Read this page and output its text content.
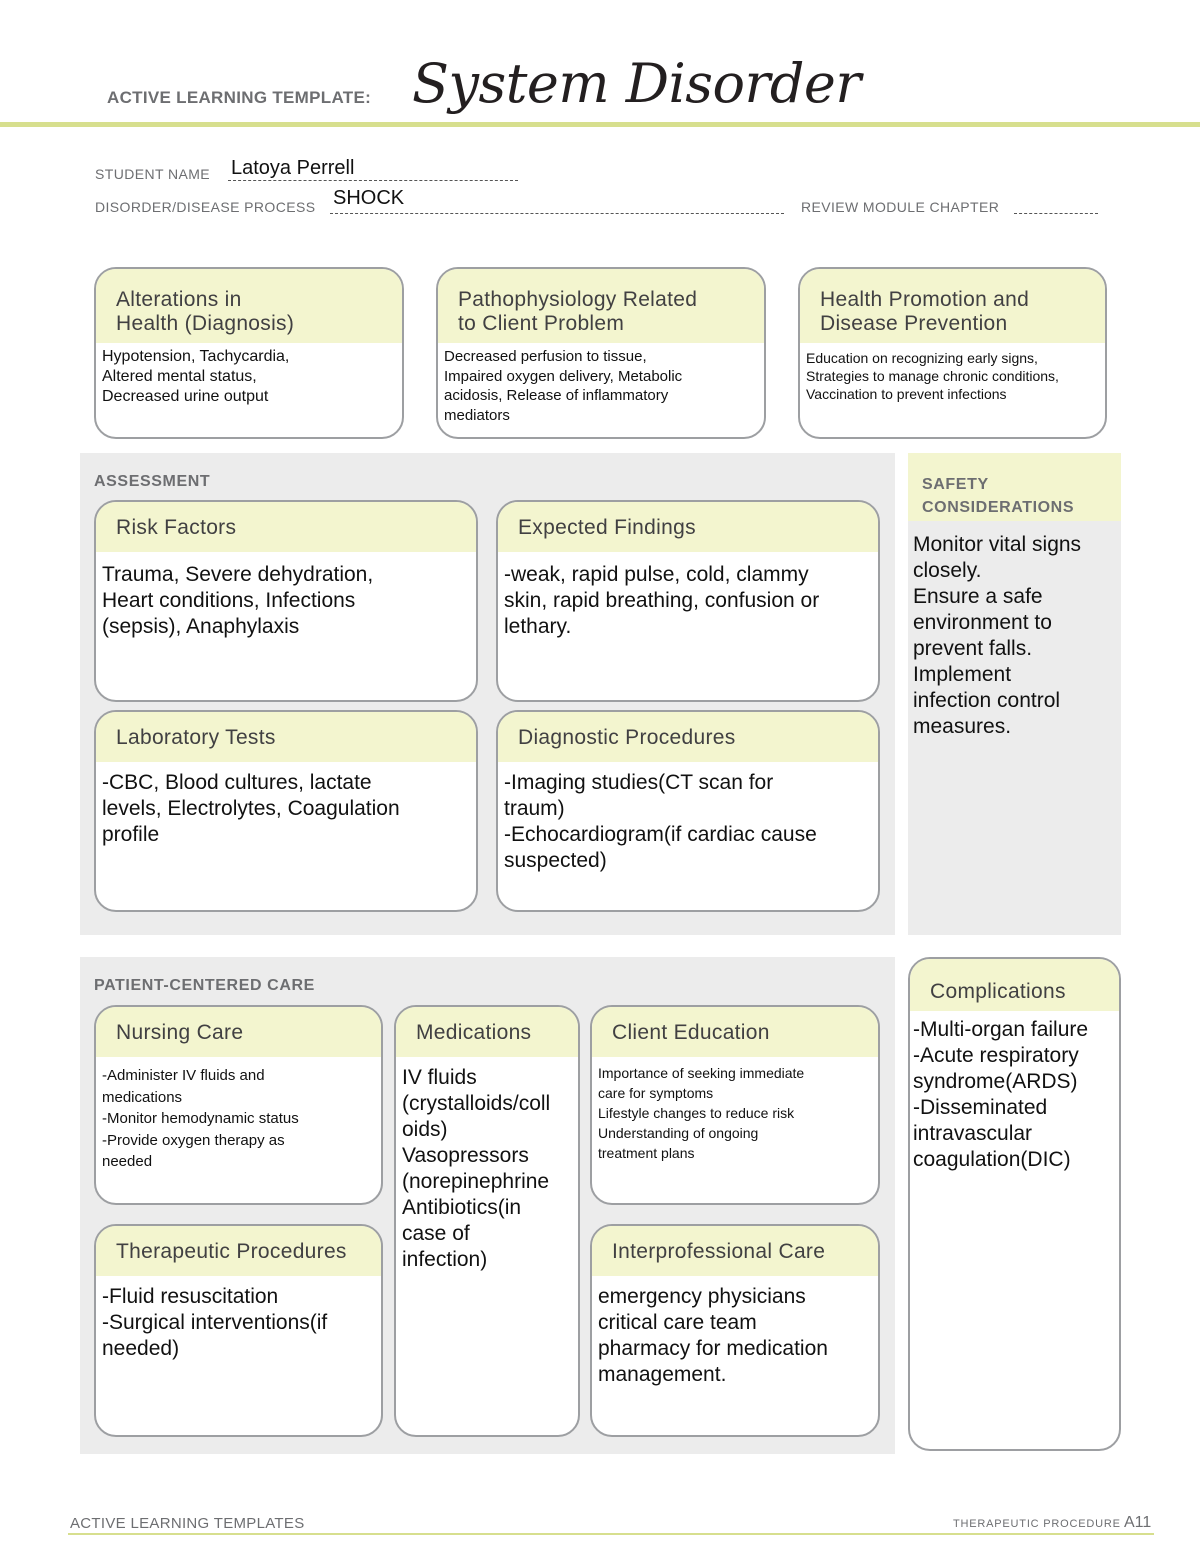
ACTIVE LEARNING TEMPLATE: System Disorder
STUDENT NAME Latoya Perrell
DISORDER/DISEASE PROCESS SHOCK	REVIEW MODULE CHAPTER
Alterations in
Health (Diagnosis)
Hypotension, Tachycardia,
Altered mental status,
Decreased urine output
Pathophysiology Related
to Client Problem
Decreased perfusion to tissue,
Impaired oxygen delivery, Metabolic
acidosis, Release of inflammatory
mediators
Health Promotion and
Disease Prevention
Education on recognizing early signs,
Strategies to manage chronic conditions,
Vaccination to prevent infections
ASSESSMENT
Risk Factors
Trauma, Severe dehydration,
Heart conditions, Infections
(sepsis), Anaphylaxis
Expected Findings
-weak, rapid pulse, cold, clammy
skin, rapid breathing, confusion or
lethary.
Laboratory Tests
-CBC, Blood cultures, lactate
levels, Electrolytes, Coagulation
profile
Diagnostic Procedures
-Imaging studies(CT scan for
traum)
-Echocardiogram(if cardiac cause
suspected)
SAFETY
CONSIDERATIONS
Monitor vital signs
closely.
Ensure a safe
environment to
prevent falls.
Implement
infection control
measures.
PATIENT-CENTERED CARE
Nursing Care
-Administer IV fluids and
medications
-Monitor hemodynamic status
-Provide oxygen therapy as
needed
Medications
IV fluids
(crystalloids/coll
oids)
Vasopressors
(norepinephrine
Antibiotics(in
case of
infection)
Client Education
Importance of seeking immediate
care for symptoms
Lifestyle changes to reduce risk
Understanding of ongoing
treatment plans
Therapeutic Procedures
-Fluid resuscitation
-Surgical interventions(if
needed)
Interprofessional Care
emergency physicians
critical care team
pharmacy for medication
management.
Complications
-Multi-organ failure
-Acute respiratory
syndrome(ARDS)
-Disseminated
intravascular
coagulation(DIC)
ACTIVE LEARNING TEMPLATES	THERAPEUTIC PROCEDURE A11
